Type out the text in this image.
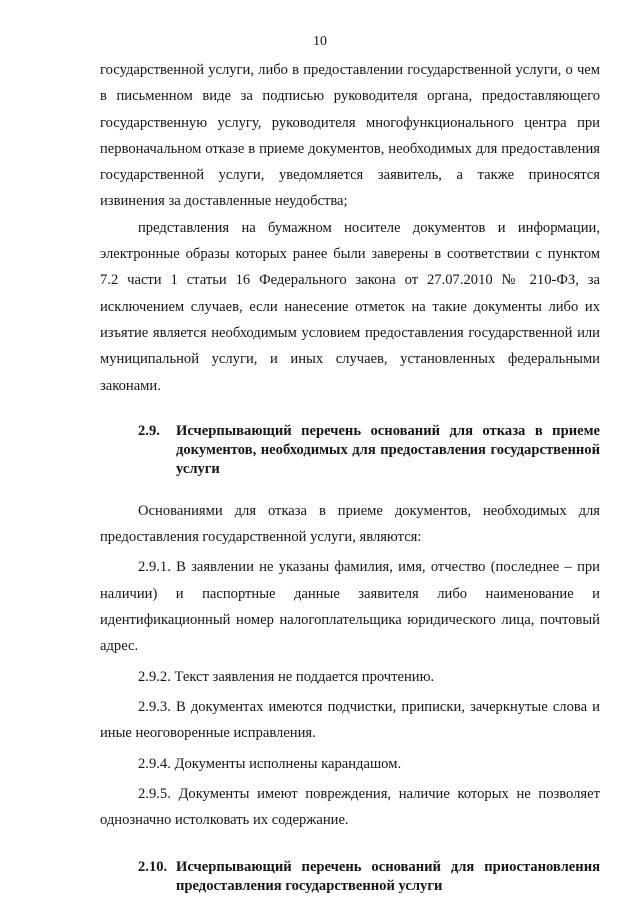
10

государственной услуги, либо в предоставлении государственной услуги, о чем в письменном виде за подписью руководителя органа, предоставляющего государственную услугу, руководителя многофункционального центра при первоначальном отказе в приеме документов, необходимых для предоставления государственной услуги, уведомляется заявитель, а также приносятся извинения за доставленные неудобства;

представления на бумажном носителе документов и информации, электронные образы которых ранее были заверены в соответствии с пунктом 7.2 части 1 статьи 16 Федерального закона от 27.07.2010 № 210-ФЗ, за исключением случаев, если нанесение отметок на такие документы либо их изъятие является необходимым условием предоставления государственной или муниципальной услуги, и иных случаев, установленных федеральными законами.

2.9.	Исчерпывающий перечень оснований для отказа в приеме документов, необходимых для предоставления государственной услуги

Основаниями для отказа в приеме документов, необходимых для предоставления государственной услуги, являются:

2.9.1. В заявлении не указаны фамилия, имя, отчество (последнее – при наличии) и паспортные данные заявителя либо наименование и идентификационный номер налогоплательщика юридического лица, почтовый адрес.

2.9.2. Текст заявления не поддается прочтению.

2.9.3. В документах имеются подчистки, приписки, зачеркнутые слова и иные неоговоренные исправления.

2.9.4. Документы исполнены карандашом.

2.9.5. Документы имеют повреждения, наличие которых не позволяет однозначно истолковать их содержание.

2.10. Исчерпывающий перечень оснований для приостановления предоставления государственной услуги
